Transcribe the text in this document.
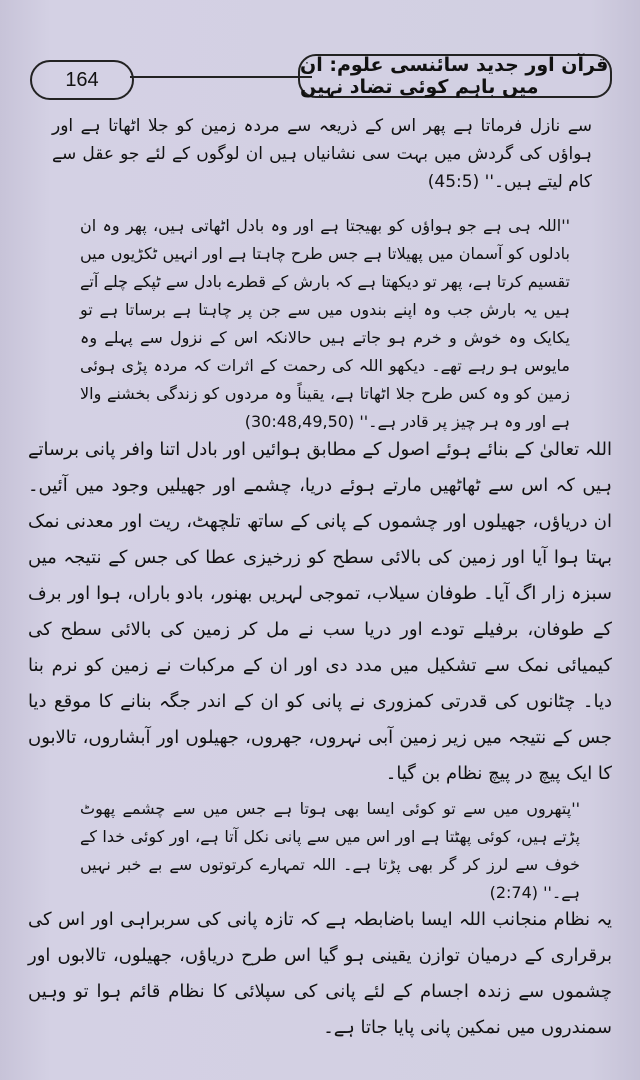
164
قرآن اور جدید سائنسی علوم: ان میں باہم کوئی تضاد نہیں
سے نازل فرماتا ہے پھر اس کے ذریعہ سے مردہ زمین کو جلا اٹھاتا ہے اور ہواؤں کی گردش میں بہت سی نشانیاں ہیں ان لوگوں کے لئے جو عقل سے کام لیتے ہیں۔'' (45:5)
''اللہ ہی ہے جو ہواؤں کو بھیجتا ہے اور وہ بادل اٹھاتی ہیں، پھر وہ ان بادلوں کو آسمان میں پھیلاتا ہے جس طرح چاہتا ہے اور انہیں ٹکڑیوں میں تقسیم کرتا ہے، پھر تو دیکھتا ہے کہ بارش کے قطرے بادل سے ٹپکے چلے آتے ہیں یہ بارش جب وہ اپنے بندوں میں سے جن پر چاہتا ہے برساتا ہے تو یکایک وہ خوش و خرم ہو جاتے ہیں حالانکہ اس کے نزول سے پہلے وہ مایوس ہو رہے تھے۔ دیکھو اللہ کی رحمت کے اثرات کہ مردہ پڑی ہوئی زمین کو وہ کس طرح جلا اٹھاتا ہے، یقیناً وہ مردوں کو زندگی بخشنے والا ہے اور وہ ہر چیز پر قادر ہے۔'' (30:48,49,50)
اللہ تعالیٰ کے بنائے ہوئے اصول کے مطابق ہوائیں اور بادل اتنا وافر پانی برساتے ہیں کہ اس سے ٹھاٹھیں مارتے ہوئے دریا، چشمے اور جھیلیں وجود میں آئیں۔ ان دریاؤں، جھیلوں اور چشموں کے پانی کے ساتھ تلچھٹ، ریت اور معدنی نمک بہتا ہوا آیا اور زمین کی بالائی سطح کو زرخیزی عطا کی جس کے نتیجہ میں سبزہ زار اگ آیا۔ طوفان سیلاب، تموجی لہریں بھنور، بادو باراں، ہوا اور برف کے طوفان، برفیلے تودے اور دریا سب نے مل کر زمین کی بالائی سطح کی کیمیائی نمک سے تشکیل میں مدد دی اور ان کے مرکبات نے زمین کو نرم بنا دیا۔ چٹانوں کی قدرتی کمزوری نے پانی کو ان کے اندر جگہ بنانے کا موقع دیا جس کے نتیجہ میں زیر زمین آبی نہروں، جھروں، جھیلوں اور آبشاروں، تالابوں کا ایک پیچ در پیچ نظام بن گیا۔
''پتھروں میں سے تو کوئی ایسا بھی ہوتا ہے جس میں سے چشمے پھوٹ پڑتے ہیں، کوئی پھٹتا ہے اور اس میں سے پانی نکل آتا ہے، اور کوئی خدا کے خوف سے لرز کر گر بھی پڑتا ہے۔ اللہ تمہارے کرتوتوں سے بے خبر نہیں ہے۔'' (2:74)
یہ نظام منجانب اللہ ایسا باضابطہ ہے کہ تازہ پانی کی سربراہی اور اس کی برقراری کے درمیان توازن یقینی ہو گیا اس طرح دریاؤں، جھیلوں، تالابوں اور چشموں سے زندہ اجسام کے لئے پانی کی سپلائی کا نظام قائم ہوا تو وہیں سمندروں میں نمکین پانی پایا جاتا ہے۔
